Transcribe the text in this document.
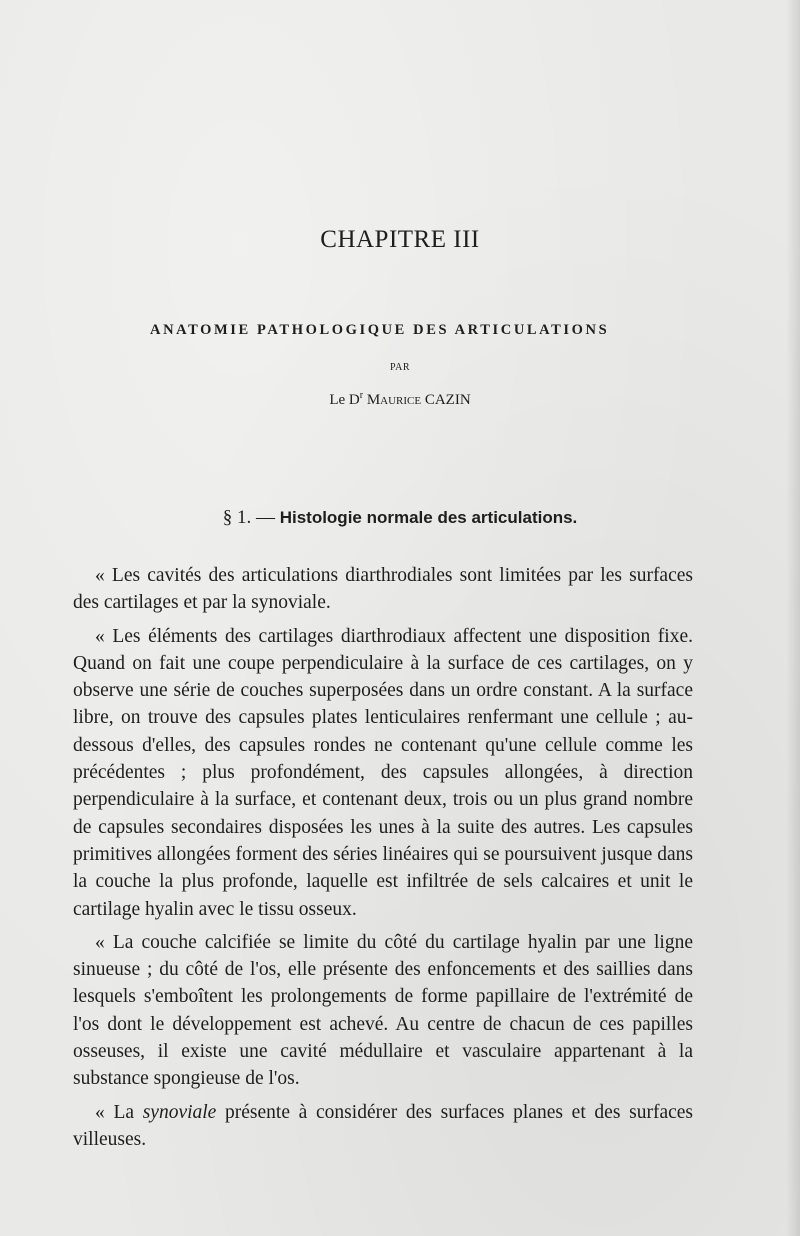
CHAPITRE III
ANATOMIE PATHOLOGIQUE DES ARTICULATIONS
PAR
Le $D^r$ Maurice CAZIN
§ 1. — Histologie normale des articulations.

« Les cavités des articulations diarthrodiales sont limitées par les surfaces des cartilages et par la synoviale.

« Les éléments des cartilages diarthrodiaux affectent une disposition fixe. Quand on fait une coupe perpendiculaire à la surface de ces cartilages, on y observe une série de couches superposées dans un ordre constant. A la surface libre, on trouve des capsules plates lenticulaires renfermant une cellule ; au-dessous d'elles, des capsules rondes ne contenant qu'une cellule comme les précédentes ; plus profondément, des capsules allongées, à direction perpendiculaire à la surface, et contenant deux, trois ou un plus grand nombre de capsules secondaires disposées les unes à la suite des autres. Les capsules primitives allongées forment des séries linéaires qui se poursuivent jusque dans la couche la plus profonde, laquelle est infiltrée de sels calcaires et unit le cartilage hyalin avec le tissu osseux.

« La couche calcifiée se limite du côté du cartilage hyalin par une ligne sinueuse ; du côté de l'os, elle présente des enfoncements et des saillies dans lesquels s'emboîtent les prolongements de forme papillaire de l'extrémité de l'os dont le développement est achevé. Au centre de chacun de ces papilles osseuses, il existe une cavité médullaire et vasculaire appartenant à la substance spongieuse de l'os.

« La synoviale présente à considérer des surfaces planes et des surfaces villeuses.
